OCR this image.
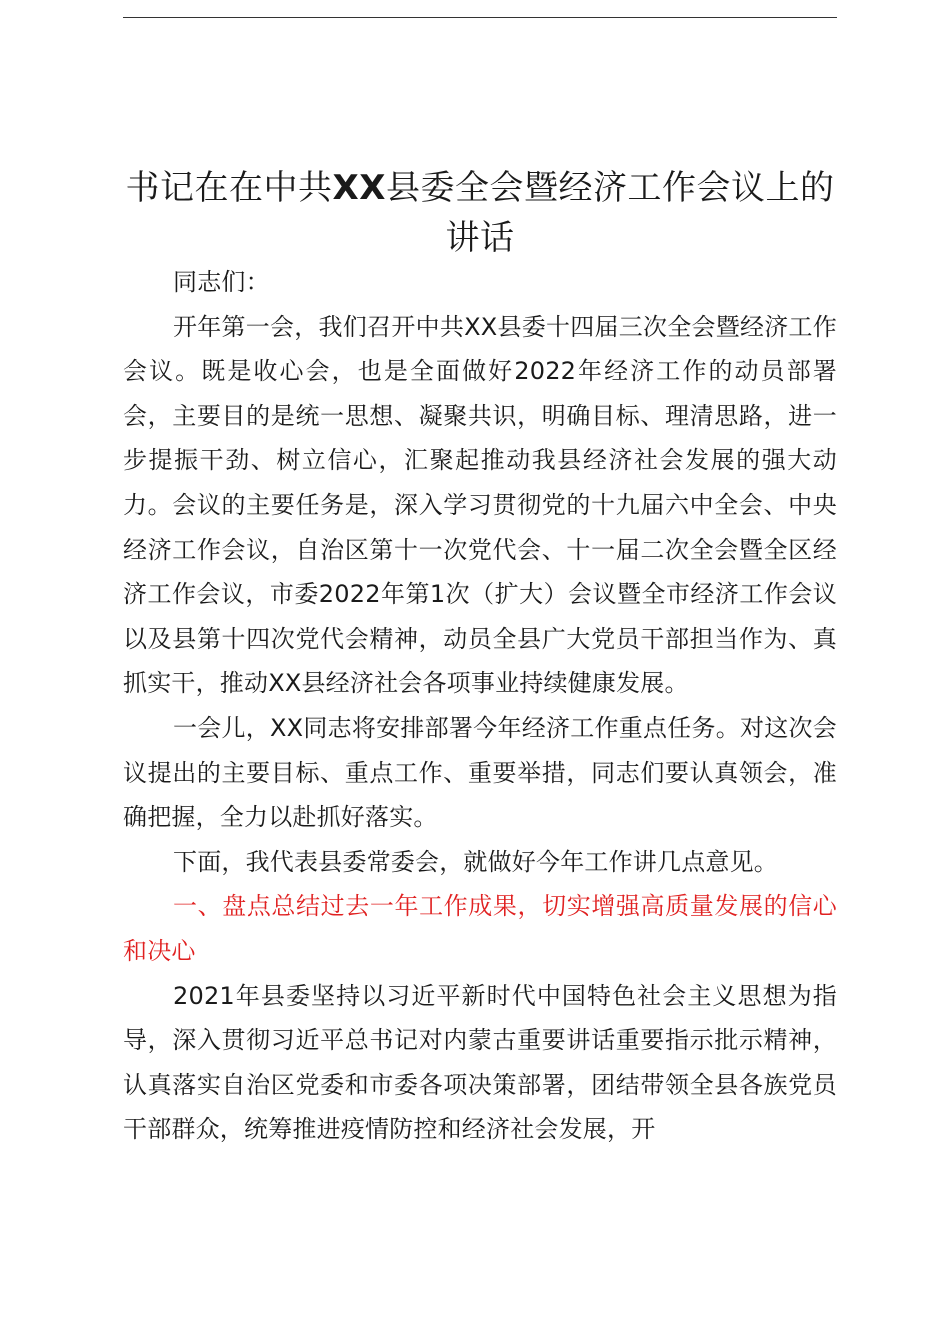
书记在在中共XX县委全会暨经济工作会议上的讲话

同志们：

开年第一会，我们召开中共XX县委十四届三次全会暨经济工作会议。既是收心会，也是全面做好2022年经济工作的动员部署会，主要目的是统一思想、凝聚共识，明确目标、理清思路，进一步提振干劲、树立信心，汇聚起推动我县经济社会发展的强大动力。会议的主要任务是，深入学习贯彻党的十九届六中全会、中央经济工作会议，自治区第十一次党代会、十一届二次全会暨全区经济工作会议，市委2022年第1次（扩大）会议暨全市经济工作会议以及县第十四次党代会精神，动员全县广大党员干部担当作为、真抓实干，推动XX县经济社会各项事业持续健康发展。

一会儿，XX同志将安排部署今年经济工作重点任务。对这次会议提出的主要目标、重点工作、重要举措，同志们要认真领会，准确把握，全力以赴抓好落实。

下面，我代表县委常委会，就做好今年工作讲几点意见。

一、盘点总结过去一年工作成果，切实增强高质量发展的信心和决心

2021年县委坚持以习近平新时代中国特色社会主义思想为指导，深入贯彻习近平总书记对内蒙古重要讲话重要指示批示精神，认真落实自治区党委和市委各项决策部署，团结带领全县各族党员干部群众，统筹推进疫情防控和经济社会发展，开
